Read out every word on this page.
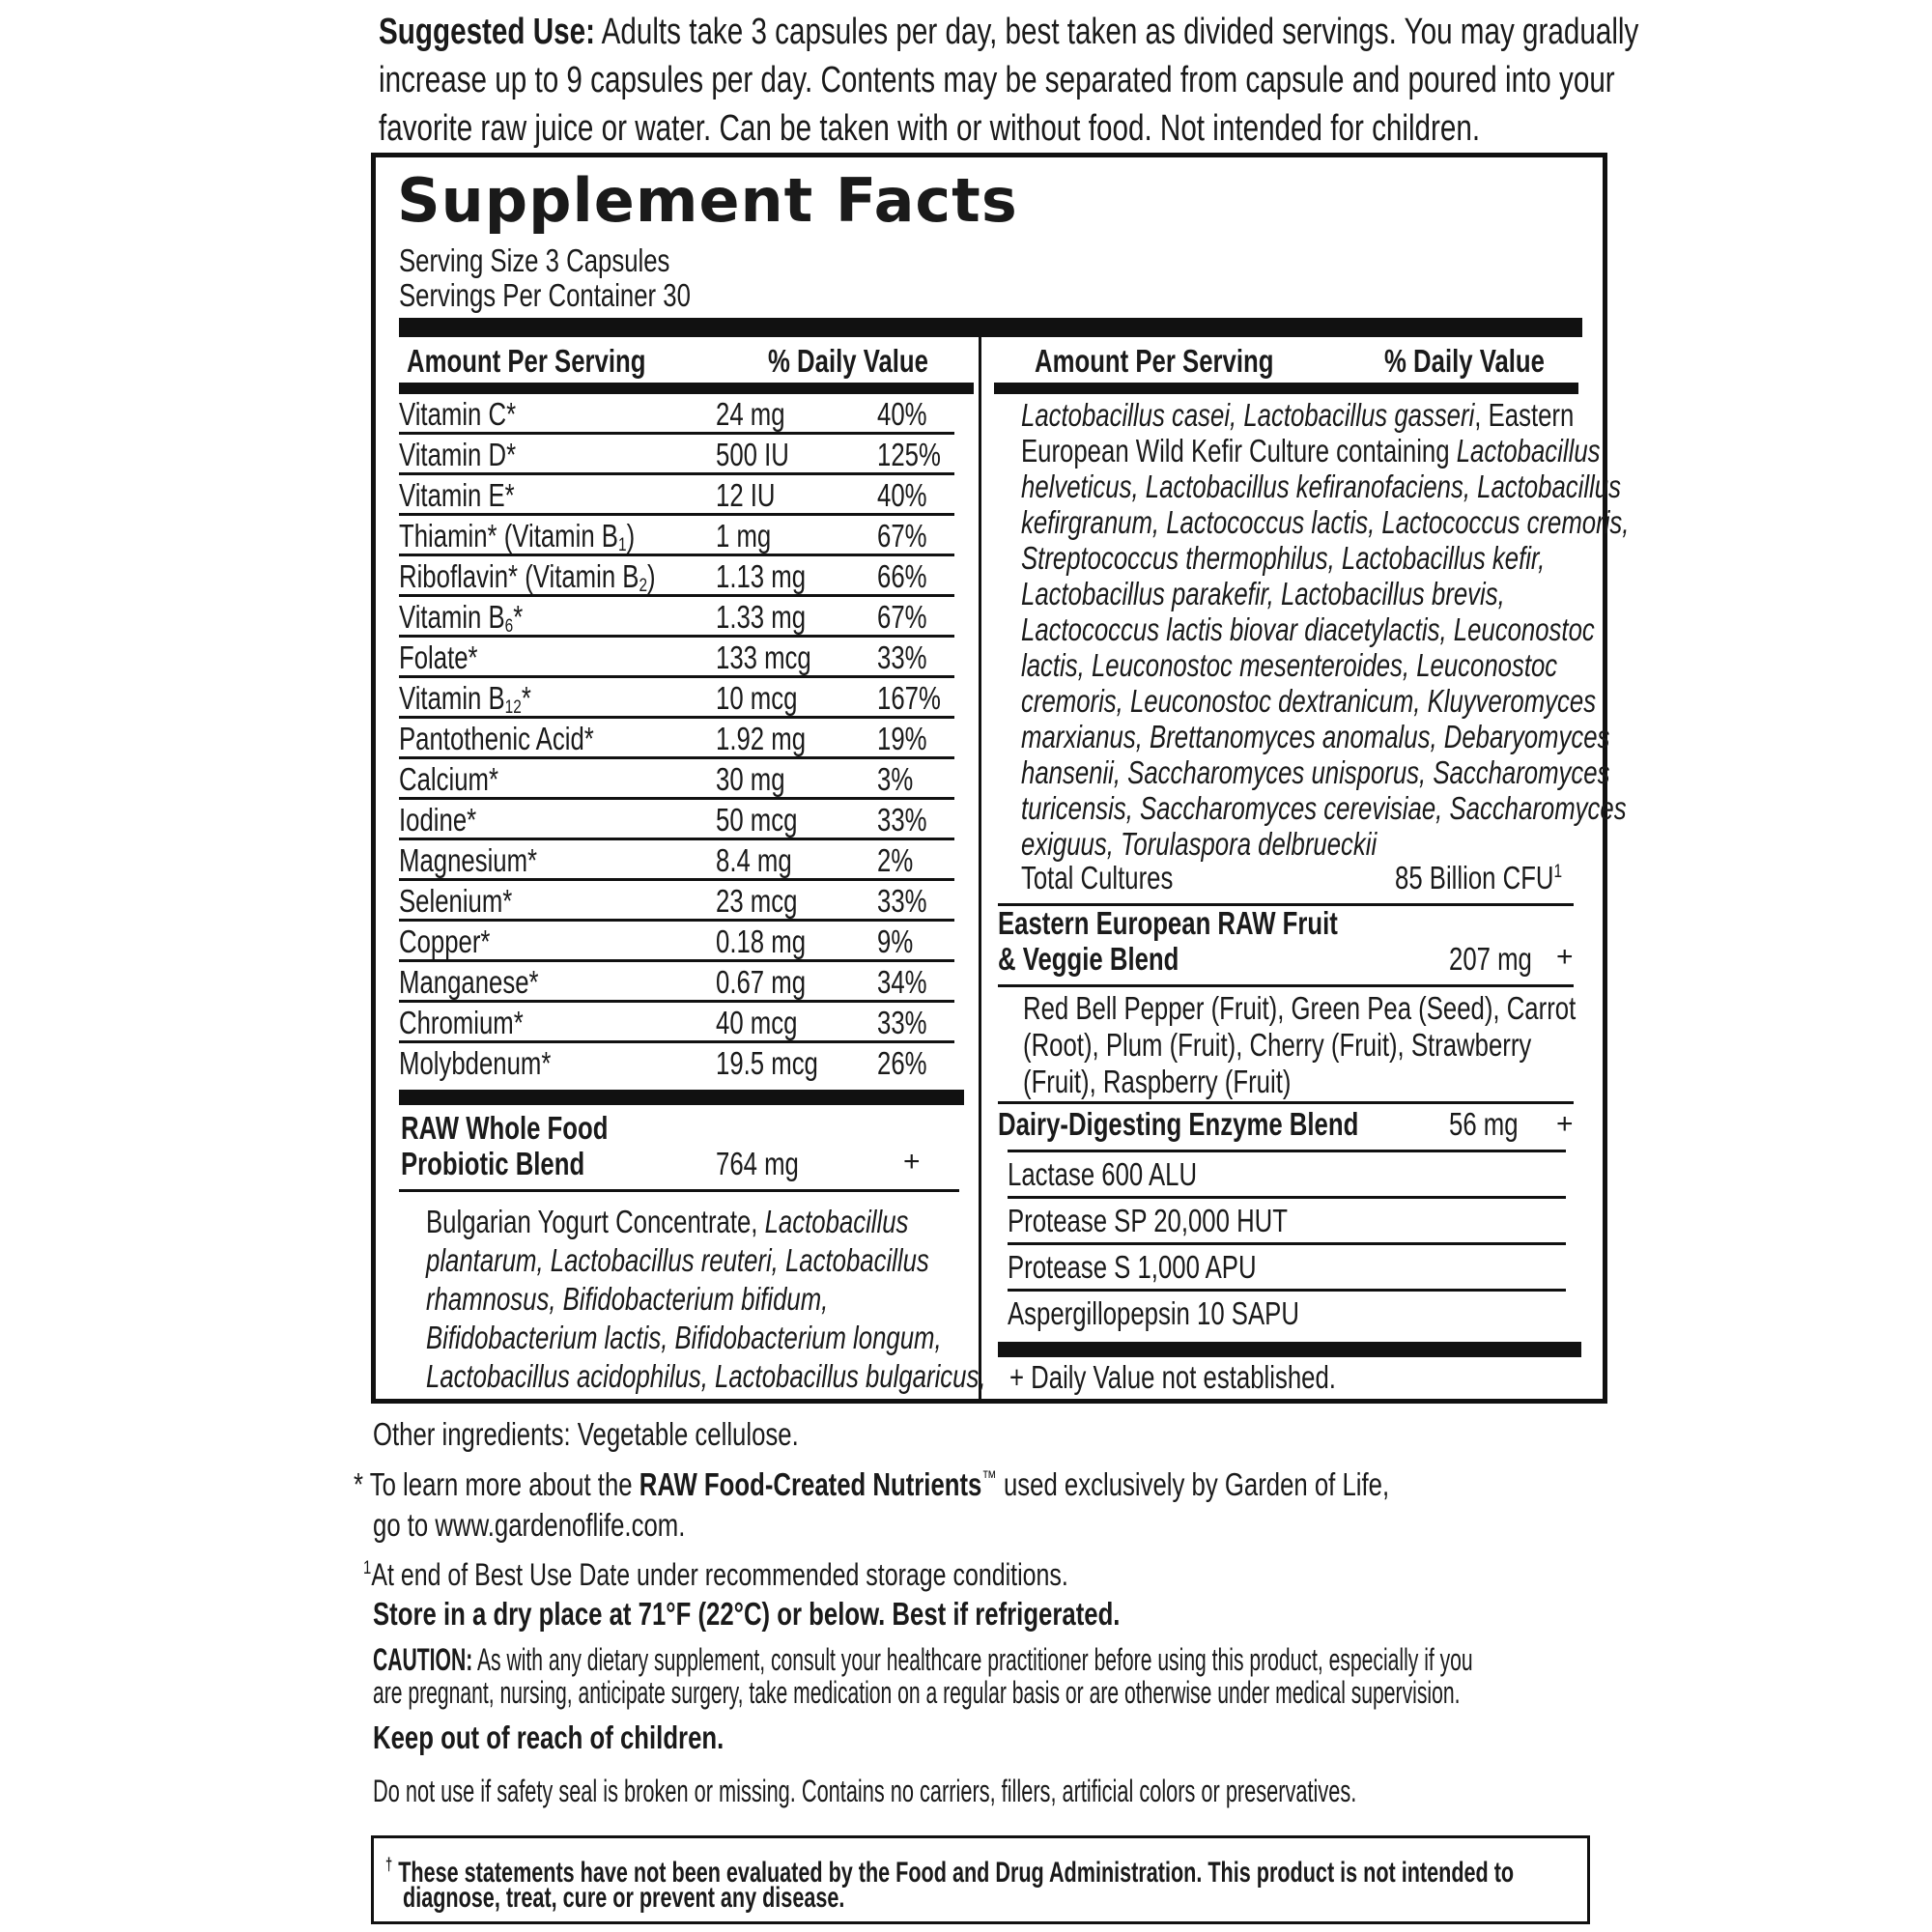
Suggested Use: Adults take 3 capsules per day, best taken as divided servings. You may gradually
increase up to 9 capsules per day. Contents may be separated from capsule and poured into your
favorite raw juice or water. Can be taken with or without food. Not intended for children.
Supplement Facts
Serving Size 3 Capsules
Servings Per Container 30
Amount Per Serving	% Daily Value	Amount Per Serving	% Daily Value
Vitamin C*	24 mg	40%
Vitamin D*	500 IU	125%
Vitamin E*	12 IU	40%
Thiamin* (Vitamin $B_1$)	1 mg	67%
Riboflavin* (Vitamin $B_2$) 1.13 mg 66%
Vitamin $B_6*$	1.33 mg 67%
Folate*	133 mcg 33%
Vitamin $B_{12}*$	10 mcg	167%
Pantothenic Acid*	1.92 mg 19%
Calcium*	30 mg	3%
Iodine*	50 mcg	33%
Magnesium*	8.4 mg	2%
Selenium*	23 mcg	33%
Copper*	0.18 mg 9%
Manganese*	0.67 mg 34%
Chromium*	40 mcg	33%
Molybdenum*	19.5 mcg 26%
RAW Whole Food
Probiotic Blend	764 mg	+
Bulgarian Yogurt Concentrate, Lactobacillus
plantarum, Lactobacillus reuteri, Lactobacillus
rhamnosus, Bifidobacterium bifidum,
Bifidobacterium lactis, Bifidobacterium longum,
Lactobacillus acidophilus, Lactobacillus bulgaricus,
Lactobacillus casei, Lactobacillus gasseri, Eastern
European Wild Kefir Culture containing Lactobacillus
helveticus, Lactobacillus kefiranofaciens, Lactobacillus
kefirgranum, Lactococcus lactis, Lactococcus cremoris,
Streptococcus thermophilus, Lactobacillus kefir,
Lactobacillus parakefir, Lactobacillus brevis,
Lactococcus lactis biovar diacetylactis, Leuconostoc
lactis, Leuconostoc mesenteroides, Leuconostoc
cremoris, Leuconostoc dextranicum, Kluyveromyces
marxianus, Brettanomyces anomalus, Debaryomyces
hansenii, Saccharomyces unisporus, Saccharomyces
turicensis, Saccharomyces cerevisiae, Saccharomyces
exiguus, Torulaspora delbrueckii
Total Cultures	85 Billion CFU$^1$
Eastern European RAW Fruit
& Veggie Blend	207 mg +
Red Bell Pepper (Fruit), Green Pea (Seed), Carrot
(Root), Plum (Fruit), Cherry (Fruit), Strawberry
(Fruit), Raspberry (Fruit)
Dairy-Digesting Enzyme Blend	56 mg	+
Lactase 600 ALU
Protease SP 20,000 HUT
Protease S 1,000 APU
Aspergillopepsin 10 SAPU
+ Daily Value not established.
Other ingredients: Vegetable cellulose.
* To learn more about the RAW Food-Created Nutrients™ used exclusively by Garden of Life,
go to www.gardenoflife.com.
$^1$At end of Best Use Date under recommended storage conditions.
Store in a dry place at 71°F (22°C) or below. Best if refrigerated.
CAUTION: As with any dietary supplement, consult your healthcare practitioner before using this product, especially if you
are pregnant, nursing, anticipate surgery, take medication on a regular basis or are otherwise under medical supervision.
Keep out of reach of children.
Do not use if safety seal is broken or missing. Contains no carriers, fillers, artificial colors or preservatives.
† These statements have not been evaluated by the Food and Drug Administration. This product is not intended to
diagnose, treat, cure or prevent any disease.
